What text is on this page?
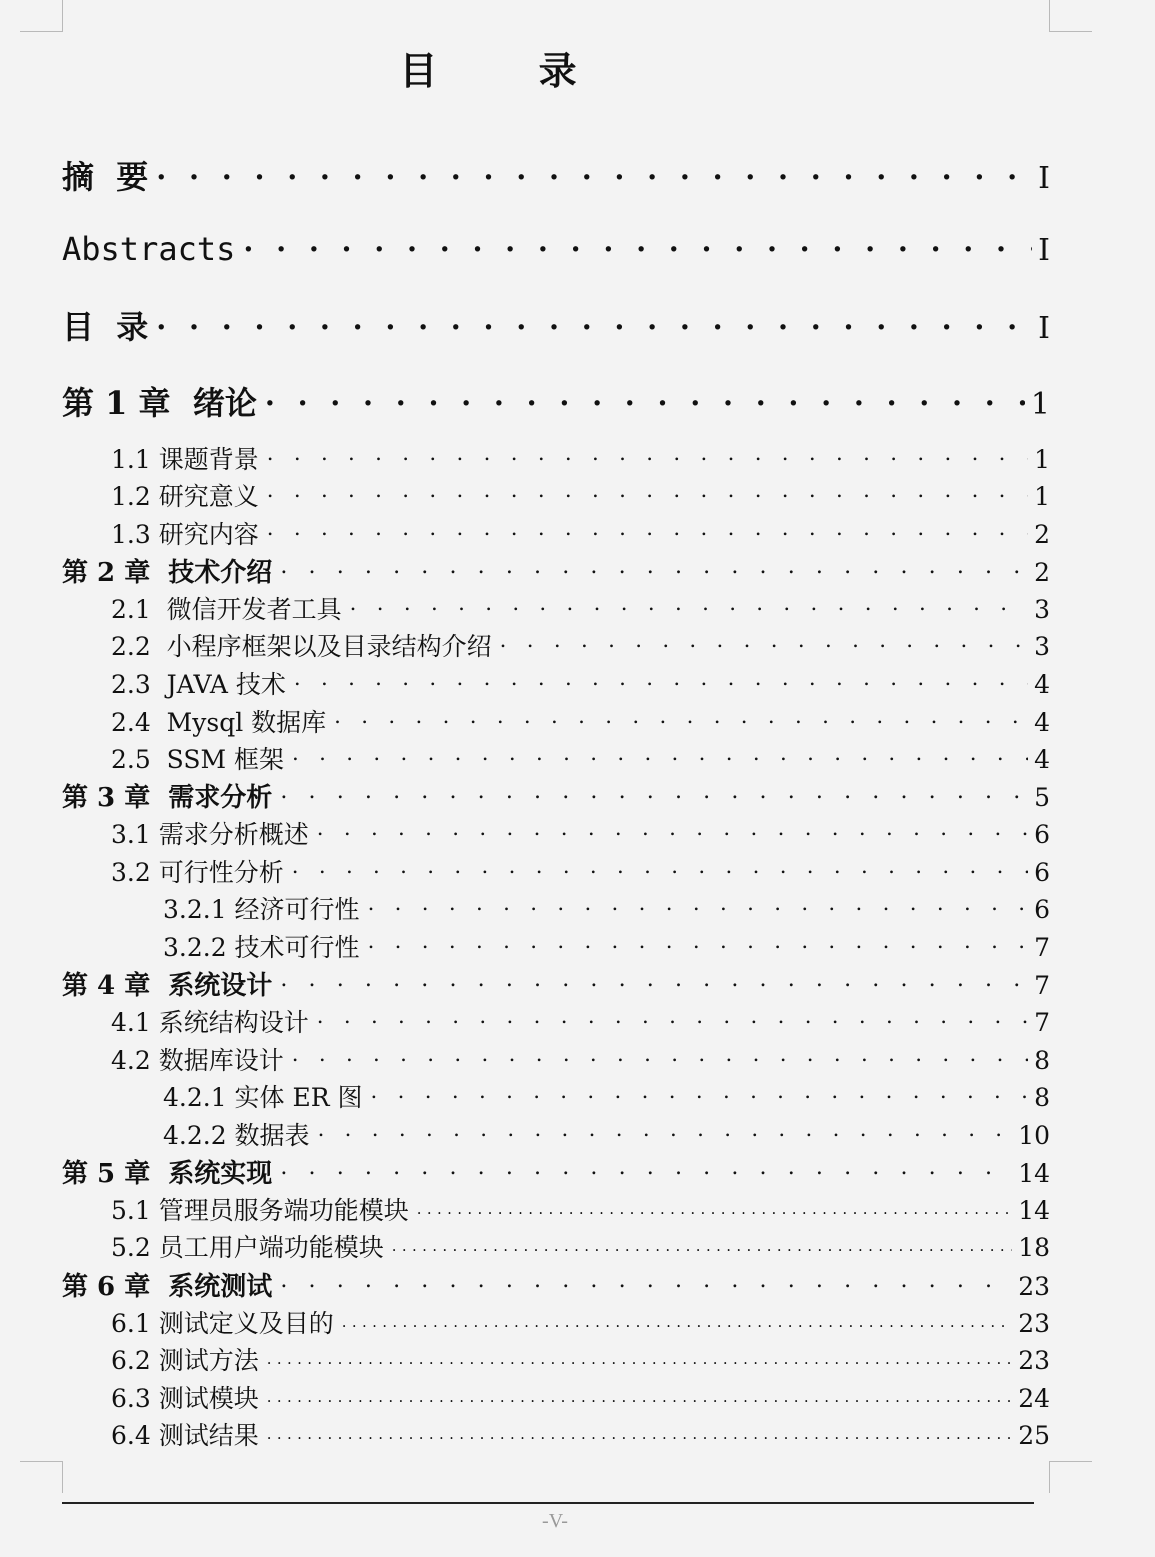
目 录
摘  要 . . .	I
Abstracts . . .	I
目  录 . . .	I
第 1 章  绪论 . . .	1
1.1 课题背景 . . .	1
1.2 研究意义 . . .	1
1.3 研究内容 . . .	2
第 2 章  技术介绍 . . .	2
2.1  微信开发者工具 . . .	3
2.2  小程序框架以及目录结构介绍 . . .	3
2.3  JAVA 技术 . . .	4
2.4  Mysql 数据库 . . .	4
2.5  SSM 框架 . . .	4
第 3 章  需求分析 . . .	5
3.1 需求分析概述 . . .	6
3.2 可行性分析 . . .	6
3.2.1 经济可行性 . . .	6
3.2.2 技术可行性 . . .	7
第 4 章  系统设计 . . .	7
4.1 系统结构设计 . . .	7
4.2 数据库设计 . . .	8
4.2.1 实体 ER 图 . . .	8
4.2.2 数据表 . . .	10
第 5 章  系统实现 . . .	14
5.1 管理员服务端功能模块 . . .	14
5.2 员工用户端功能模块 . . .	18
第 6 章  系统测试 . . .	23
6.1 测试定义及目的 . . .	23
6.2 测试方法 . . .	23
6.3 测试模块 . . .	24
6.4 测试结果 . . .	25
-V-
